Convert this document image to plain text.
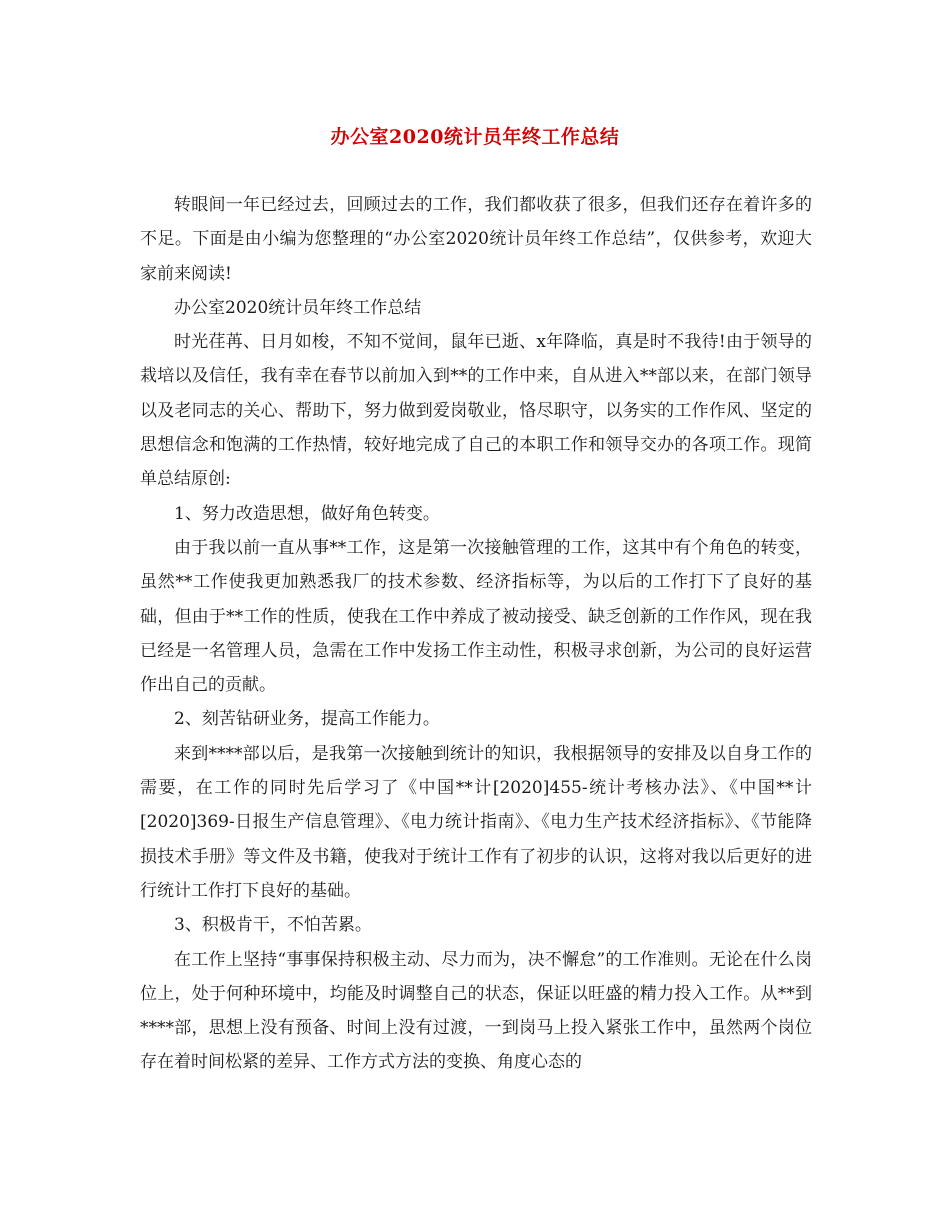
办公室2020统计员年终工作总结

转眼间一年已经过去，回顾过去的工作，我们都收获了很多，但我们还存在着许多的不足。下面是由小编为您整理的“办公室2020统计员年终工作总结”，仅供参考，欢迎大家前来阅读!

办公室2020统计员年终工作总结

时光荏苒、日月如梭，不知不觉间，鼠年已逝、x年降临，真是时不我待!由于领导的栽培以及信任，我有幸在春节以前加入到**的工作中来，自从进入**部以来，在部门领导以及老同志的关心、帮助下，努力做到爱岗敬业，恪尽职守，以务实的工作作风、坚定的思想信念和饱满的工作热情，较好地完成了自己的本职工作和领导交办的各项工作。现简单总结原创:

1、努力改造思想，做好角色转变。

由于我以前一直从事**工作，这是第一次接触管理的工作，这其中有个角色的转变，虽然**工作使我更加熟悉我厂的技术参数、经济指标等，为以后的工作打下了良好的基础，但由于**工作的性质，使我在工作中养成了被动接受、缺乏创新的工作作风，现在我已经是一名管理人员，急需在工作中发扬工作主动性，积极寻求创新，为公司的良好运营作出自己的贡献。

2、刻苦钻研业务，提高工作能力。

来到****部以后，是我第一次接触到统计的知识，我根据领导的安排及以自身工作的需要，在工作的同时先后学习了《中国**计[2020]455-统计考核办法》、《中国**计[2020]369-日报生产信息管理》、《电力统计指南》、《电力生产技术经济指标》、《节能降损技术手册》等文件及书籍，使我对于统计工作有了初步的认识，这将对我以后更好的进行统计工作打下良好的基础。

3、积极肯干，不怕苦累。

在工作上坚持“事事保持积极主动、尽力而为，决不懈怠”的工作准则。无论在什么岗位上，处于何种环境中，均能及时调整自己的状态，保证以旺盛的精力投入工作。从**到****部，思想上没有预备、时间上没有过渡，一到岗马上投入紧张工作中，虽然两个岗位存在着时间松紧的差异、工作方式方法的变换、角度心态的
